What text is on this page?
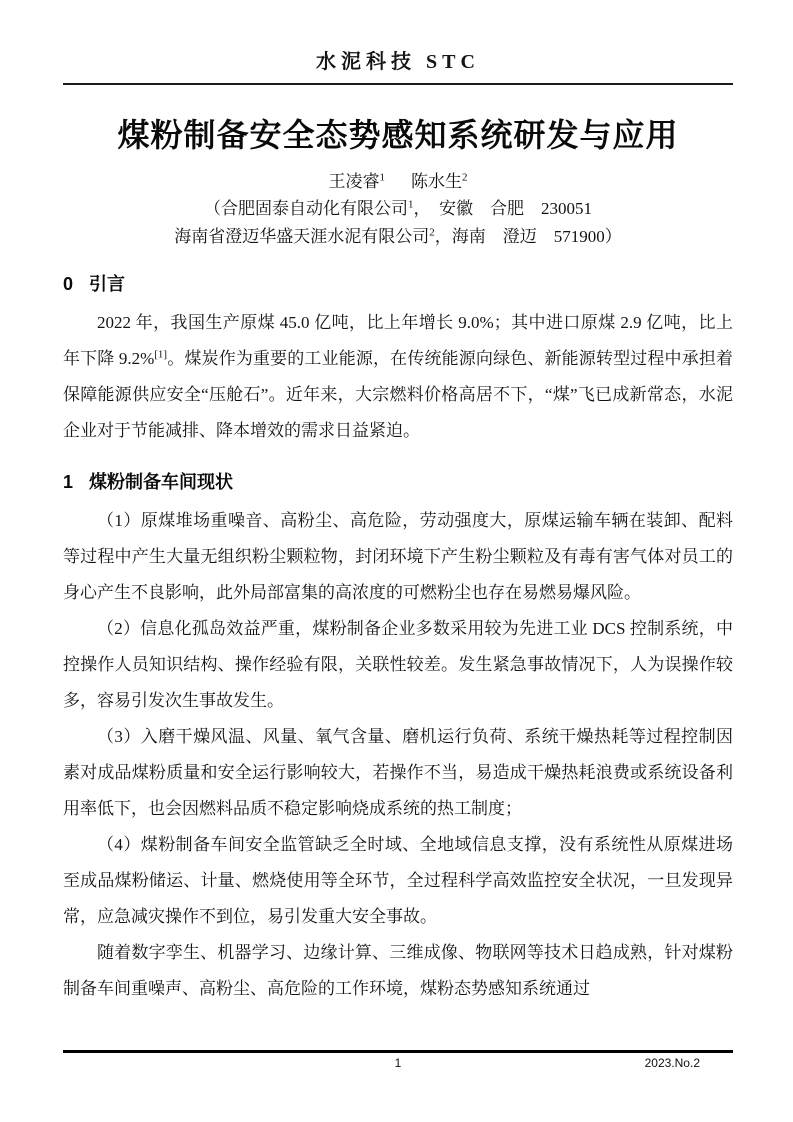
水泥科技 STC
煤粉制备安全态势感知系统研发与应用
王凌睿$^1$ 陈水生$^2$
（合肥固泰自动化有限公司$^1$，　安徽　合肥　230051
海南省澄迈华盛天涯水泥有限公司$^2$，海南　澄迈　571900）
0 引言

2022 年，我国生产原煤 45.0 亿吨，比上年增长 9.0%；其中进口原煤 2.9 亿吨，比上年下降 9.2%[1]。煤炭作为重要的工业能源，在传统能源向绿色、新能源转型过程中承担着保障能源供应安全“压舱石”。近年来，大宗燃料价格高居不下，“煤”飞已成新常态，水泥企业对于节能减排、降本增效的需求日益紧迫。

1 煤粉制备车间现状

（1）原煤堆场重噪音、高粉尘、高危险，劳动强度大，原煤运输车辆在装卸、配料等过程中产生大量无组织粉尘颗粒物，封闭环境下产生粉尘颗粒及有毒有害气体对员工的身心产生不良影响，此外局部富集的高浓度的可燃粉尘也存在易燃易爆风险。

（2）信息化孤岛效益严重，煤粉制备企业多数采用较为先进工业 DCS 控制系统，中控操作人员知识结构、操作经验有限，关联性较差。发生紧急事故情况下，人为误操作较多，容易引发次生事故发生。

（3）入磨干燥风温、风量、氧气含量、磨机运行负荷、系统干燥热耗等过程控制因素对成品煤粉质量和安全运行影响较大，若操作不当，易造成干燥热耗浪费或系统设备利用率低下，也会因燃料品质不稳定影响烧成系统的热工制度；

（4）煤粉制备车间安全监管缺乏全时域、全地域信息支撑，没有系统性从原煤进场至成品煤粉储运、计量、燃烧使用等全环节，全过程科学高效监控安全状况，一旦发现异常，应急减灾操作不到位，易引发重大安全事故。

随着数字孪生、机器学习、边缘计算、三维成像、物联网等技术日趋成熟，针对煤粉制备车间重噪声、高粉尘、高危险的工作环境，煤粉态势感知系统通过

1	2023.No.2
